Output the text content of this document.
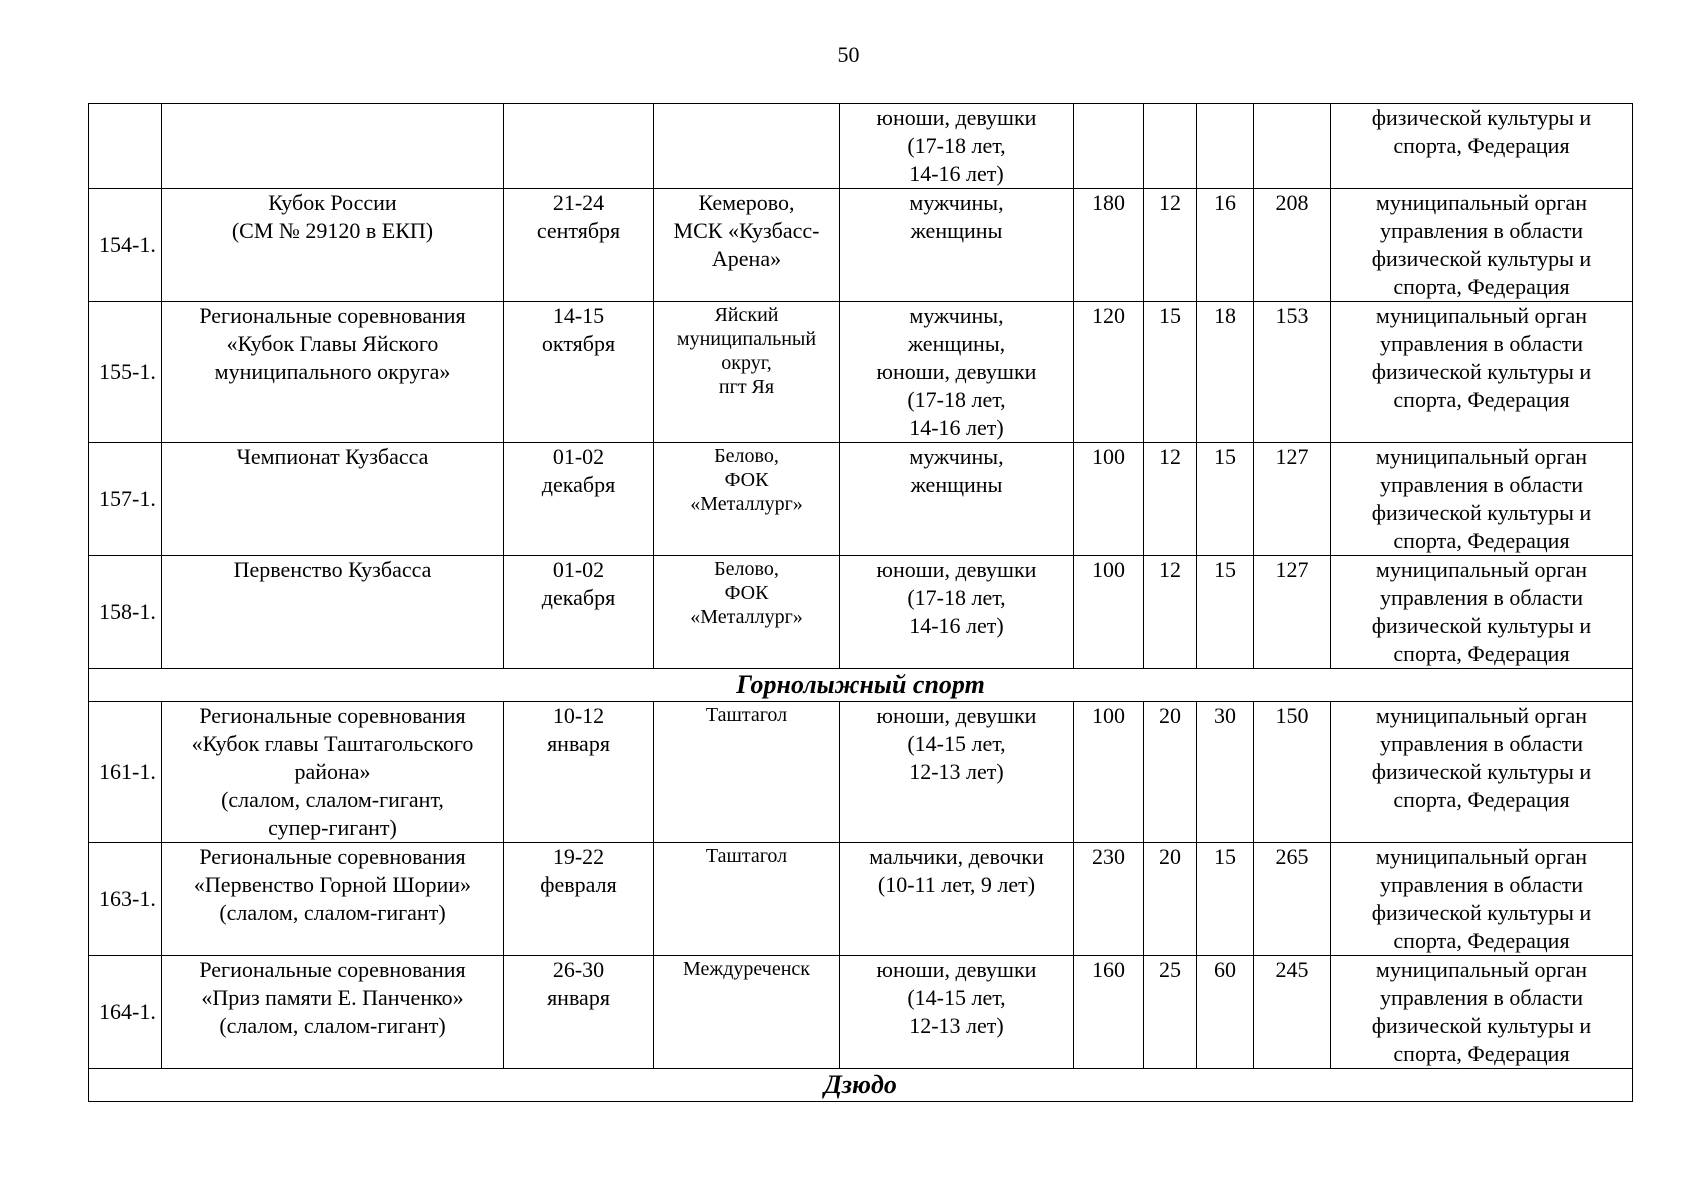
50
				юноши, девушки
(17-18 лет,
14-16 лет)					физической культуры и
спорта, Федерация
154-1.	Кубок России
(СМ № 29120 в ЕКП)	21-24
сентября	Кемерово,
МСК «Кузбасс-
Арена»	мужчины,
женщины	180	12	16	208	муниципальный орган
управления в области
физической культуры и
спорта, Федерация
155-1.	Региональные соревнования
«Кубок Главы Яйского
муниципального округа»	14-15
октября	Яйский
муниципальный
округ,
пгт Яя	мужчины,
женщины,
юноши, девушки
(17-18 лет,
14-16 лет)	120	15	18	153	муниципальный орган
управления в области
физической культуры и
спорта, Федерация
157-1.	Чемпионат Кузбасса	01-02
декабря	Белово,
ФОК
«Металлург»	мужчины,
женщины	100	12	15	127	муниципальный орган
управления в области
физической культуры и
спорта, Федерация
158-1.	Первенство Кузбасса	01-02
декабря	Белово,
ФОК
«Металлург»	юноши, девушки
(17-18 лет,
14-16 лет)	100	12	15	127	муниципальный орган
управления в области
физической культуры и
спорта, Федерация
Горнолыжный спорт									
161-1.	Региональные соревнования
«Кубок главы Таштагольского
района»
(слалом, слалом-гигант,
супер-гигант)	10-12
января	Таштагол	юноши, девушки
(14-15 лет,
12-13 лет)	100	20	30	150	муниципальный орган
управления в области
физической культуры и
спорта, Федерация
163-1.	Региональные соревнования
«Первенство Горной Шории»
(слалом, слалом-гигант)	19-22
февраля	Таштагол	мальчики, девочки
(10-11 лет, 9 лет)	230	20	15	265	муниципальный орган
управления в области
физической культуры и
спорта, Федерация
164-1.	Региональные соревнования
«Приз памяти Е. Панченко»
(слалом, слалом-гигант)	26-30
января	Междуреченск	юноши, девушки
(14-15 лет,
12-13 лет)	160	25	60	245	муниципальный орган
управления в области
физической культуры и
спорта, Федерация
Дзюдо									
